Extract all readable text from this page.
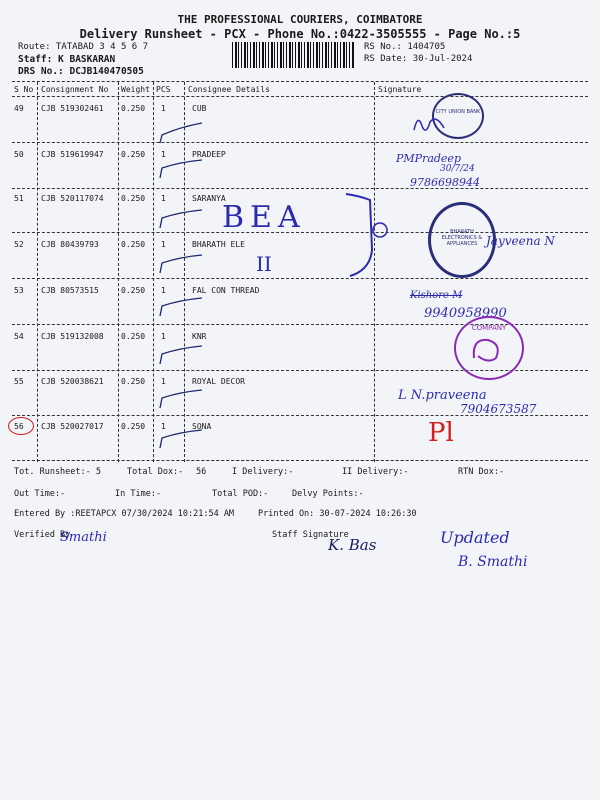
THE PROFESSIONAL COURIERS, COIMBATORE
Delivery Runsheet - PCX - Phone No.:0422-3505555 - Page No.:5
Route: TATABAD 3 4 5 6 7
Staff: K BASKARAN
DRS No.: DCJB140470505
RS No.: 1404705
RS Date: 30-Jul-2024
S No Consignment No Weight PCS Consignee Details	Signature
49 CJB 519302461 0.250 1	CUB
50 CJB 519619947 0.250 1	PRADEEP
51 CJB 520117074 0.250 1	SARANYA
52 CJB 80439793	0.250 1	BHARATH ELE
53 CJB 80573515	0.250 1	FAL CON THREAD
54 CJB 519132008 0.250 1	KNR
55 CJB 520038621 0.250 1	ROYAL DECOR
56 CJB 520027017 0.250 1	SONA
Tot. Runsheet:- 5	Total Dox:- 56	I Delivery:-	II Delivery:-	RTN Dox:-
Out Time:-	In Time:-	Total POD:-	Delvy Points:-
Entered By :REETAPCX 07/30/2024 10:21:54 AM	Printed On: 30-07-2024 10:26:30
Verified By	Staff Signature
CITY UNION BANK
PMPradeep
30/7/24
9786698944
BEA
II
BHARATH ELECTRONICS & APPLIANCES Jayveena N
Kishore M
9940958990
COMPANY
L N.praveena
7904673587
Pl
Smathi	K. Bas	Updated
B. Smathi
